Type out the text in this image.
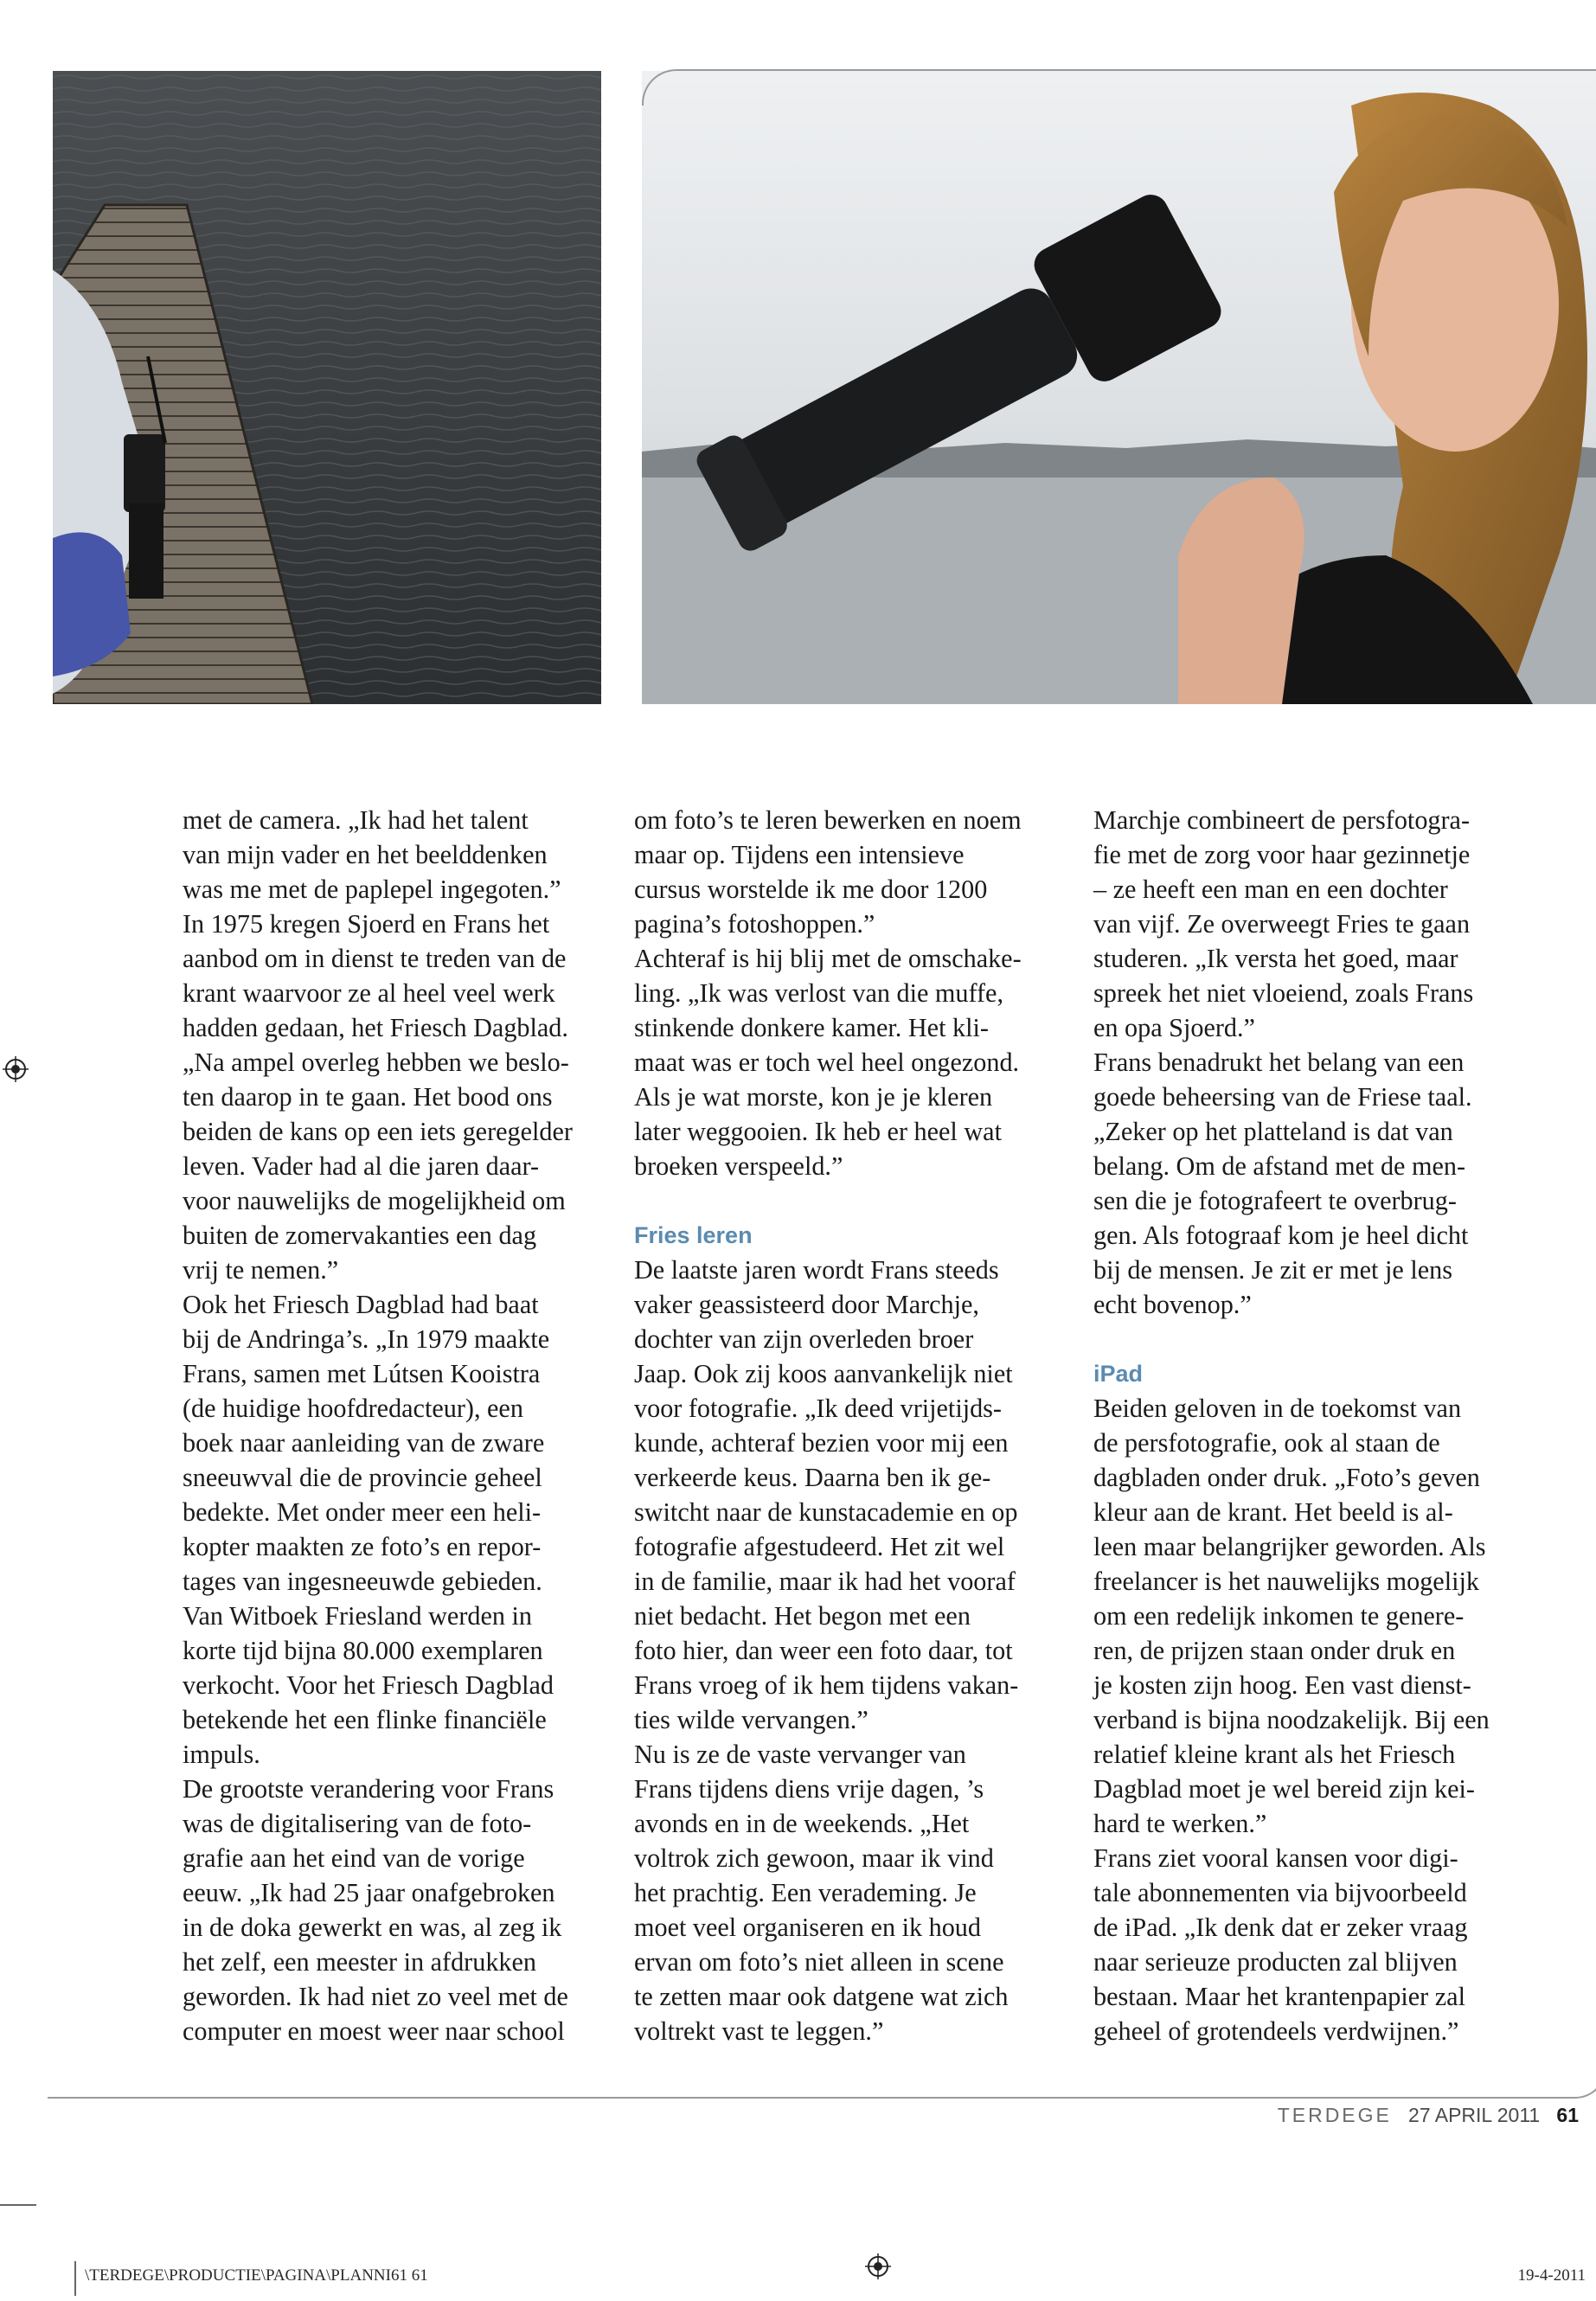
met de camera. „Ik had het talent

van mijn vader en het beelddenken

was me met de paplepel ingegoten.”

In 1975 kregen Sjoerd en Frans het

aanbod om in dienst te treden van de

krant waarvoor ze al heel veel werk

hadden gedaan, het Friesch Dagblad.

„Na ampel overleg hebben we beslo-

ten daarop in te gaan. Het bood ons

beiden de kans op een iets geregelder

leven. Vader had al die jaren daar-

voor nauwelijks de mogelijkheid om

buiten de zomervakanties een dag

vrij te nemen.”

Ook het Friesch Dagblad had baat

bij de Andringa’s. „In 1979 maakte

Frans, samen met Lútsen Kooistra

(de huidige hoofdredacteur), een

boek naar aanleiding van de zware

sneeuwval die de provincie geheel

bedekte. Met onder meer een heli-

kopter maakten ze foto’s en repor-

tages van ingesneeuwde gebieden.

Van Witboek Friesland werden in

korte tijd bijna 80.000 exemplaren

verkocht. Voor het Friesch Dagblad

betekende het een flinke financiële

impuls.

De grootste verandering voor Frans

was de digitalisering van de foto-

grafie aan het eind van de vorige

eeuw. „Ik had 25 jaar onafgebroken

in de doka gewerkt en was, al zeg ik

het zelf, een meester in afdrukken

geworden. Ik had niet zo veel met de

computer en moest weer naar school

om foto’s te leren bewerken en noem

maar op. Tijdens een intensieve

cursus worstelde ik me door 1200

pagina’s fotoshoppen.”

Achteraf is hij blij met de omschake-

ling. „Ik was verlost van die muffe,

stinkende donkere kamer. Het kli-

maat was er toch wel heel ongezond.

Als je wat morste, kon je je kleren

later weggooien. Ik heb er heel wat

broeken verspeeld.”

Fries leren

De laatste jaren wordt Frans steeds

vaker geassisteerd door Marchje,

dochter van zijn overleden broer

Jaap. Ook zij koos aanvankelijk niet

voor fotografie. „Ik deed vrijetijds-

kunde, achteraf bezien voor mij een

verkeerde keus. Daarna ben ik ge-

switcht naar de kunstacademie en op

fotografie afgestudeerd. Het zit wel

in de familie, maar ik had het vooraf

niet bedacht. Het begon met een

foto hier, dan weer een foto daar, tot

Frans vroeg of ik hem tijdens vakan-

ties wilde vervangen.”

Nu is ze de vaste vervanger van

Frans tijdens diens vrije dagen, ’s

avonds en in de weekends. „Het

voltrok zich gewoon, maar ik vind

het prachtig. Een verademing. Je

moet veel organiseren en ik houd

ervan om foto’s niet alleen in scene

te zetten maar ook datgene wat zich

voltrekt vast te leggen.”

Marchje combineert de persfotogra-

fie met de zorg voor haar gezinnetje

– ze heeft een man en een dochter

van vijf. Ze overweegt Fries te gaan

studeren. „Ik versta het goed, maar

spreek het niet vloeiend, zoals Frans

en opa Sjoerd.”

Frans benadrukt het belang van een

goede beheersing van de Friese taal.

„Zeker op het platteland is dat van

belang. Om de afstand met de men-

sen die je fotografeert te overbrug-

gen. Als fotograaf kom je heel dicht

bij de mensen. Je zit er met je lens

echt bovenop.”

iPad

Beiden geloven in de toekomst van

de persfotografie, ook al staan de

dagbladen onder druk. „Foto’s geven

kleur aan de krant. Het beeld is al-

leen maar belangrijker geworden. Als

freelancer is het nauwelijks mogelijk

om een redelijk inkomen te genere-

ren, de prijzen staan onder druk en

je kosten zijn hoog. Een vast dienst-

verband is bijna noodzakelijk. Bij een

relatief kleine krant als het Friesch

Dagblad moet je wel bereid zijn kei-

hard te werken.”

Frans ziet vooral kansen voor digi-

tale abonnementen via bijvoorbeeld

de iPad. „Ik denk dat er zeker vraag

naar serieuze producten zal blijven

bestaan. Maar het krantenpapier zal

geheel of grotendeels verdwijnen.”

TERDEGE 27 APRIL 2011 61
\TERDEGE\PRODUCTIE\PAGINA\PLANNI61 61	19-4-2011
